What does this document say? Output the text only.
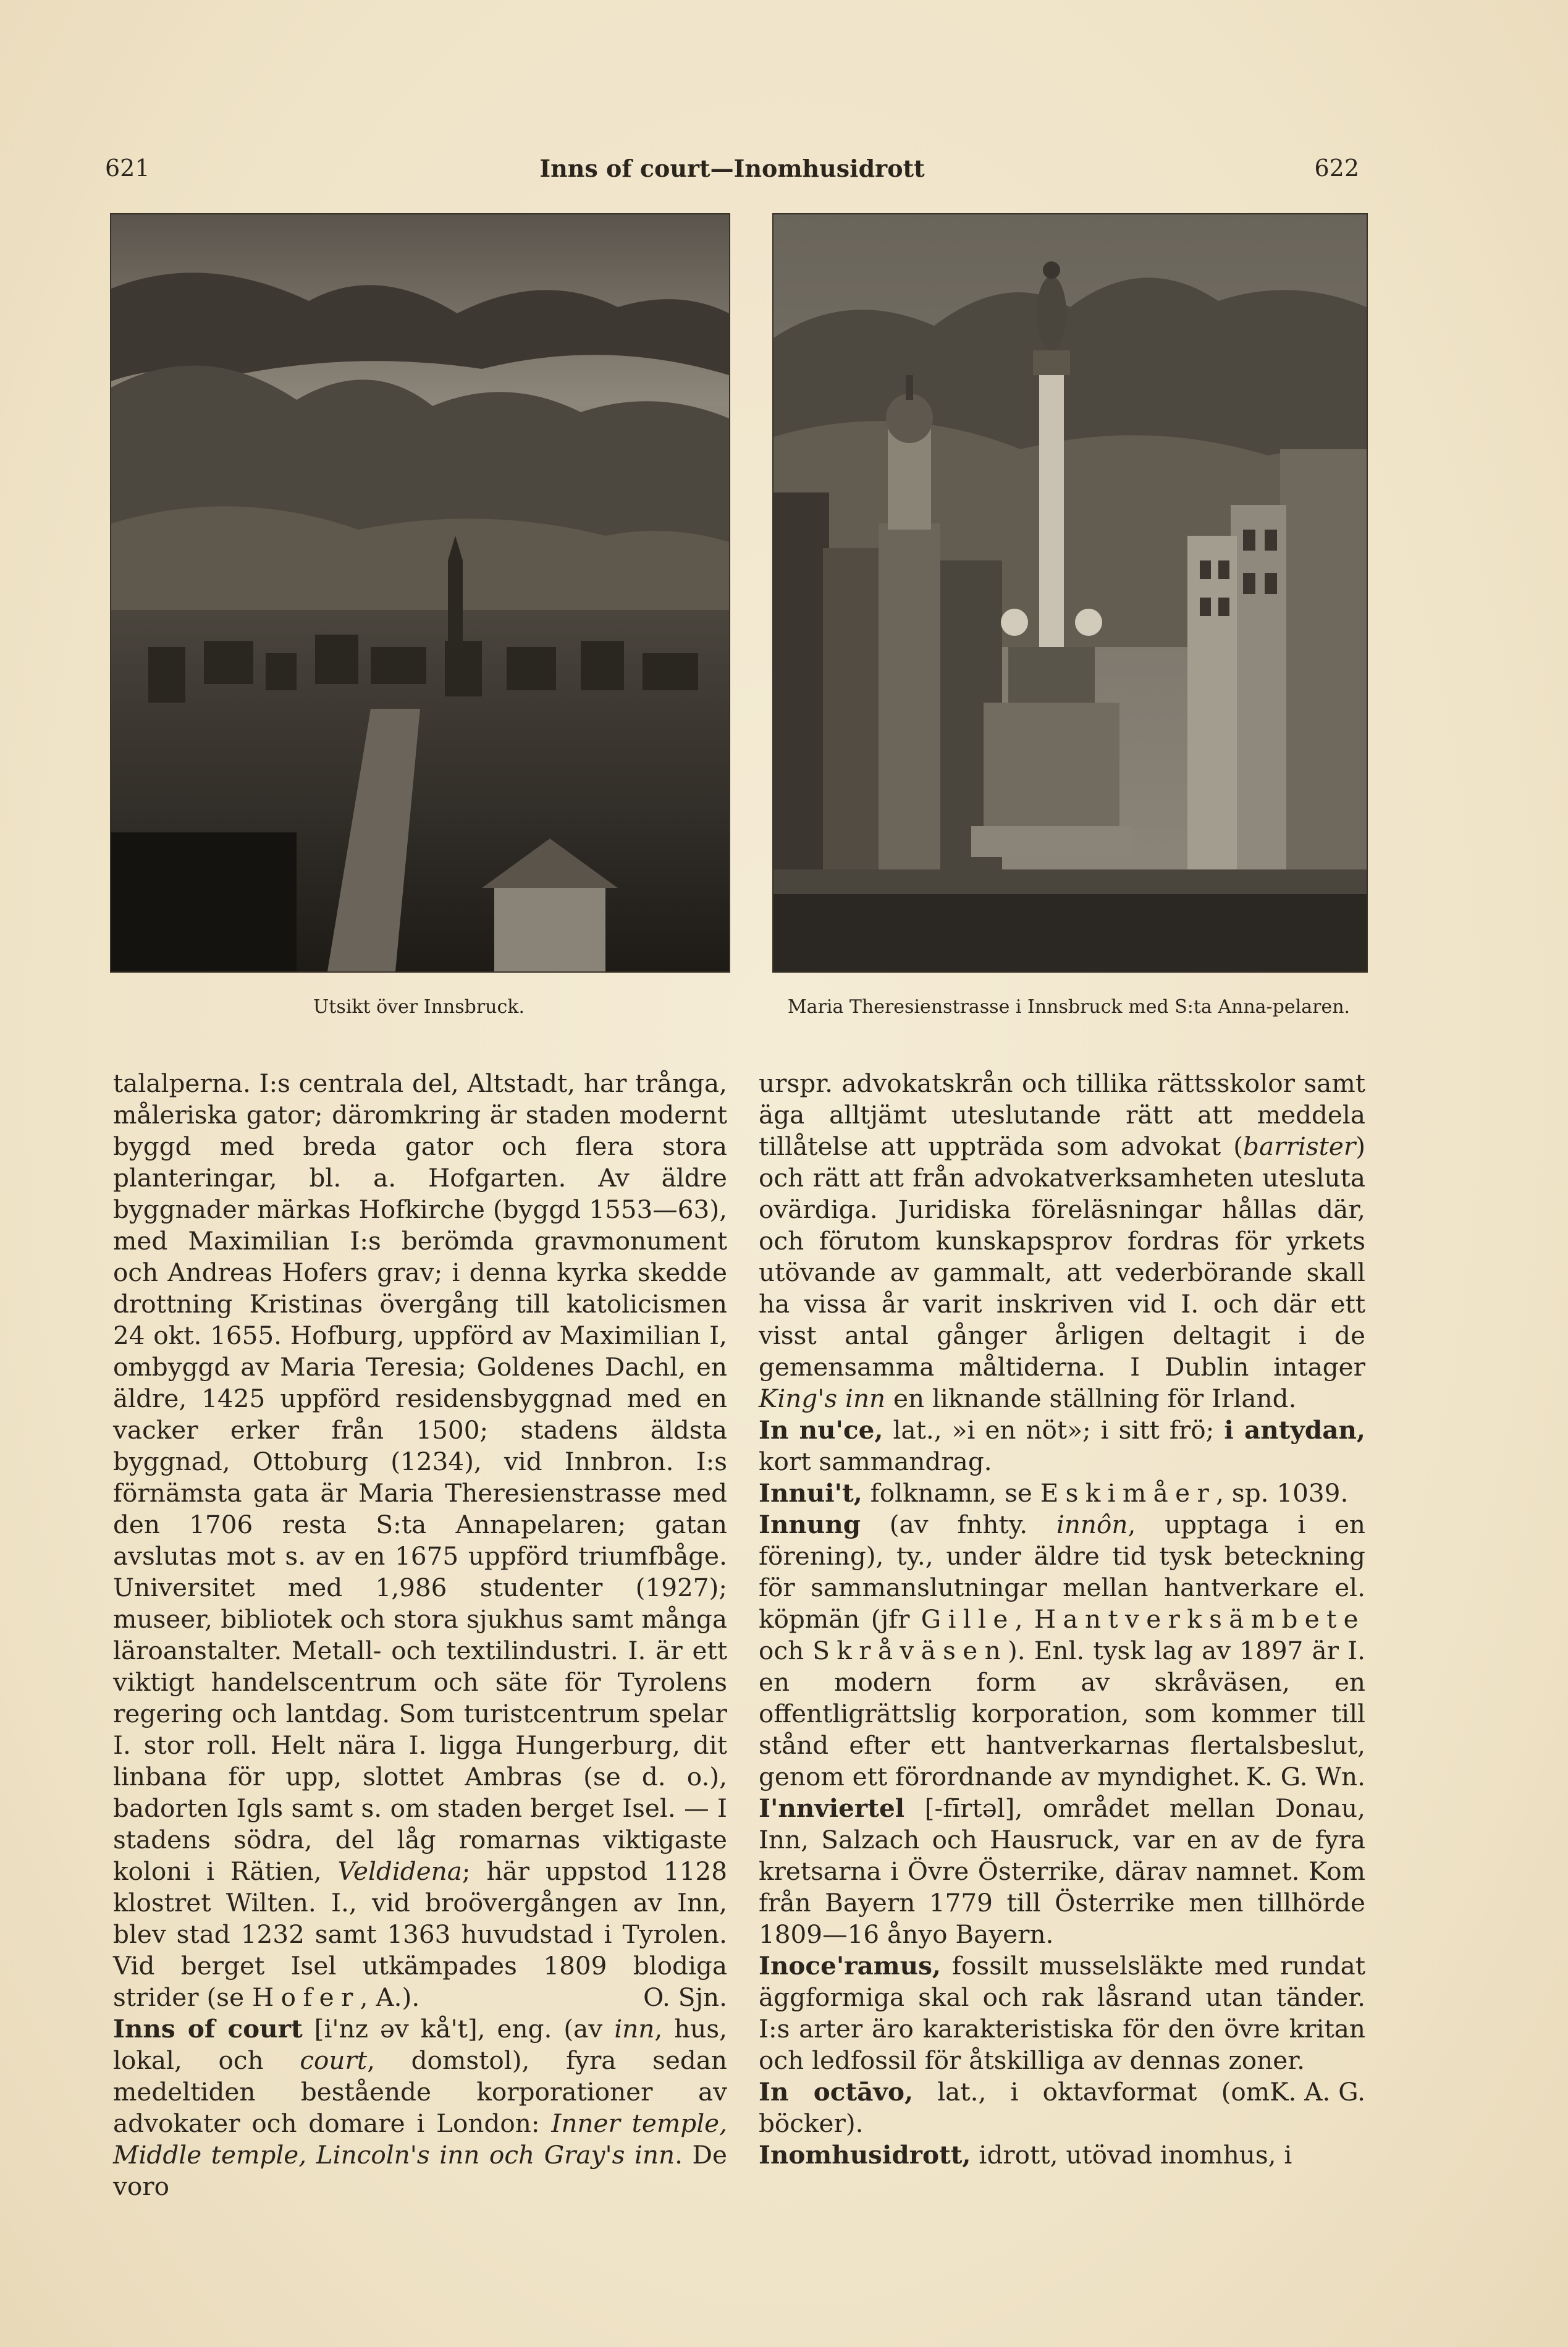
621	Inns of court—Inomhusidrott	622
Utsikt över Innsbruck.	Maria Theresienstrasse i Innsbruck med S:ta Anna-pelaren.

talalperna. I:s centrala del, Altstadt, har trånga, måleriska gator; däromkring är staden modernt byggd med breda gator och flera stora planteringar, bl. a. Hofgarten. Av äldre byggnader märkas Hofkirche (byggd 1553—63), med Maximilian I:s berömda gravmonument och Andreas Hofers grav; i denna kyrka skedde drottning Kristinas övergång till katolicismen 24 okt. 1655. Hofburg, uppförd av Maximilian I, ombyggd av Maria Teresia; Goldenes Dachl, en äldre, 1425 uppförd residensbyggnad med en vacker erker från 1500; stadens äldsta byggnad, Ottoburg (1234), vid Innbron. I:s förnämsta gata är Maria Theresienstrasse med den 1706 resta S:ta Annapelaren; gatan avslutas mot s. av en 1675 uppförd triumfbåge. Universitet med 1,986 studenter (1927); museer, bibliotek och stora sjukhus samt många läroanstalter. Metall- och textilindustri. I. är ett viktigt handelscentrum och säte för Tyrolens regering och lantdag. Som turistcentrum spelar I. stor roll. Helt nära I. ligga Hungerburg, dit linbana för upp, slottet Ambras (se d. o.), badorten Igls samt s. om staden berget Isel. — I stadens södra, del låg romarnas viktigaste koloni i Rätien, Veldidena; här uppstod 1128 klostret Wilten. I., vid broövergången av Inn, blev stad 1232 samt 1363 huvudstad i Tyrolen. Vid berget Isel utkämpades 1809 blodiga strider (se Hofer, A.).	O. Sjn.

Inns of court [i'nz əv kå't], eng. (av inn, hus, lokal, och court, domstol), fyra sedan medeltiden bestående korporationer av advokater och domare i London: Inner temple, Middle temple, Lincoln's inn och Gray's inn. De voro

urspr. advokatskrån och tillika rättsskolor samt äga alltjämt uteslutande rätt att meddela tillåtelse att uppträda som advokat (barrister) och rätt att från advokatverksamheten utesluta ovärdiga. Juridiska föreläsningar hållas där, och förutom kunskapsprov fordras för yrkets utövande av gammalt, att vederbörande skall ha vissa år varit inskriven vid I. och där ett visst antal gånger årligen deltagit i de gemensamma måltiderna. I Dublin intager King's inn en liknande ställning för Irland.

In nu'ce, lat., »i en nöt»; i sitt frö; i antydan, kort sammandrag.

Innui't, folknamn, se Eskimåer, sp. 1039.

Innung (av fnhty. innôn, upptaga i en förening), ty., under äldre tid tysk beteckning för sammanslutningar mellan hantverkare el. köpmän (jfr Gille, Hantverksämbete och Skråväsen). Enl. tysk lag av 1897 är I. en modern form av skråväsen, en offentligrättslig korporation, som kommer till stånd efter ett hantverkarnas flertalsbeslut, genom ett förordnande av myndighet. K. G. Wn.

I'nnviertel [-fīrtəl], området mellan Donau, Inn, Salzach och Hausruck, var en av de fyra kretsarna i Övre Österrike, därav namnet. Kom från Bayern 1779 till Österrike men tillhörde 1809—16 ånyo Bayern.

Inoce'ramus, fossilt musselsläkte med rundat äggformiga skal och rak låsrand utan tänder. I:s arter äro karakteristiska för den övre kritan och ledfossil för åtskilliga av dennas zoner.
K. A. G.

In octāvo, lat., i oktavformat (om böcker).

Inomhusidrott, idrott, utövad inomhus, i
